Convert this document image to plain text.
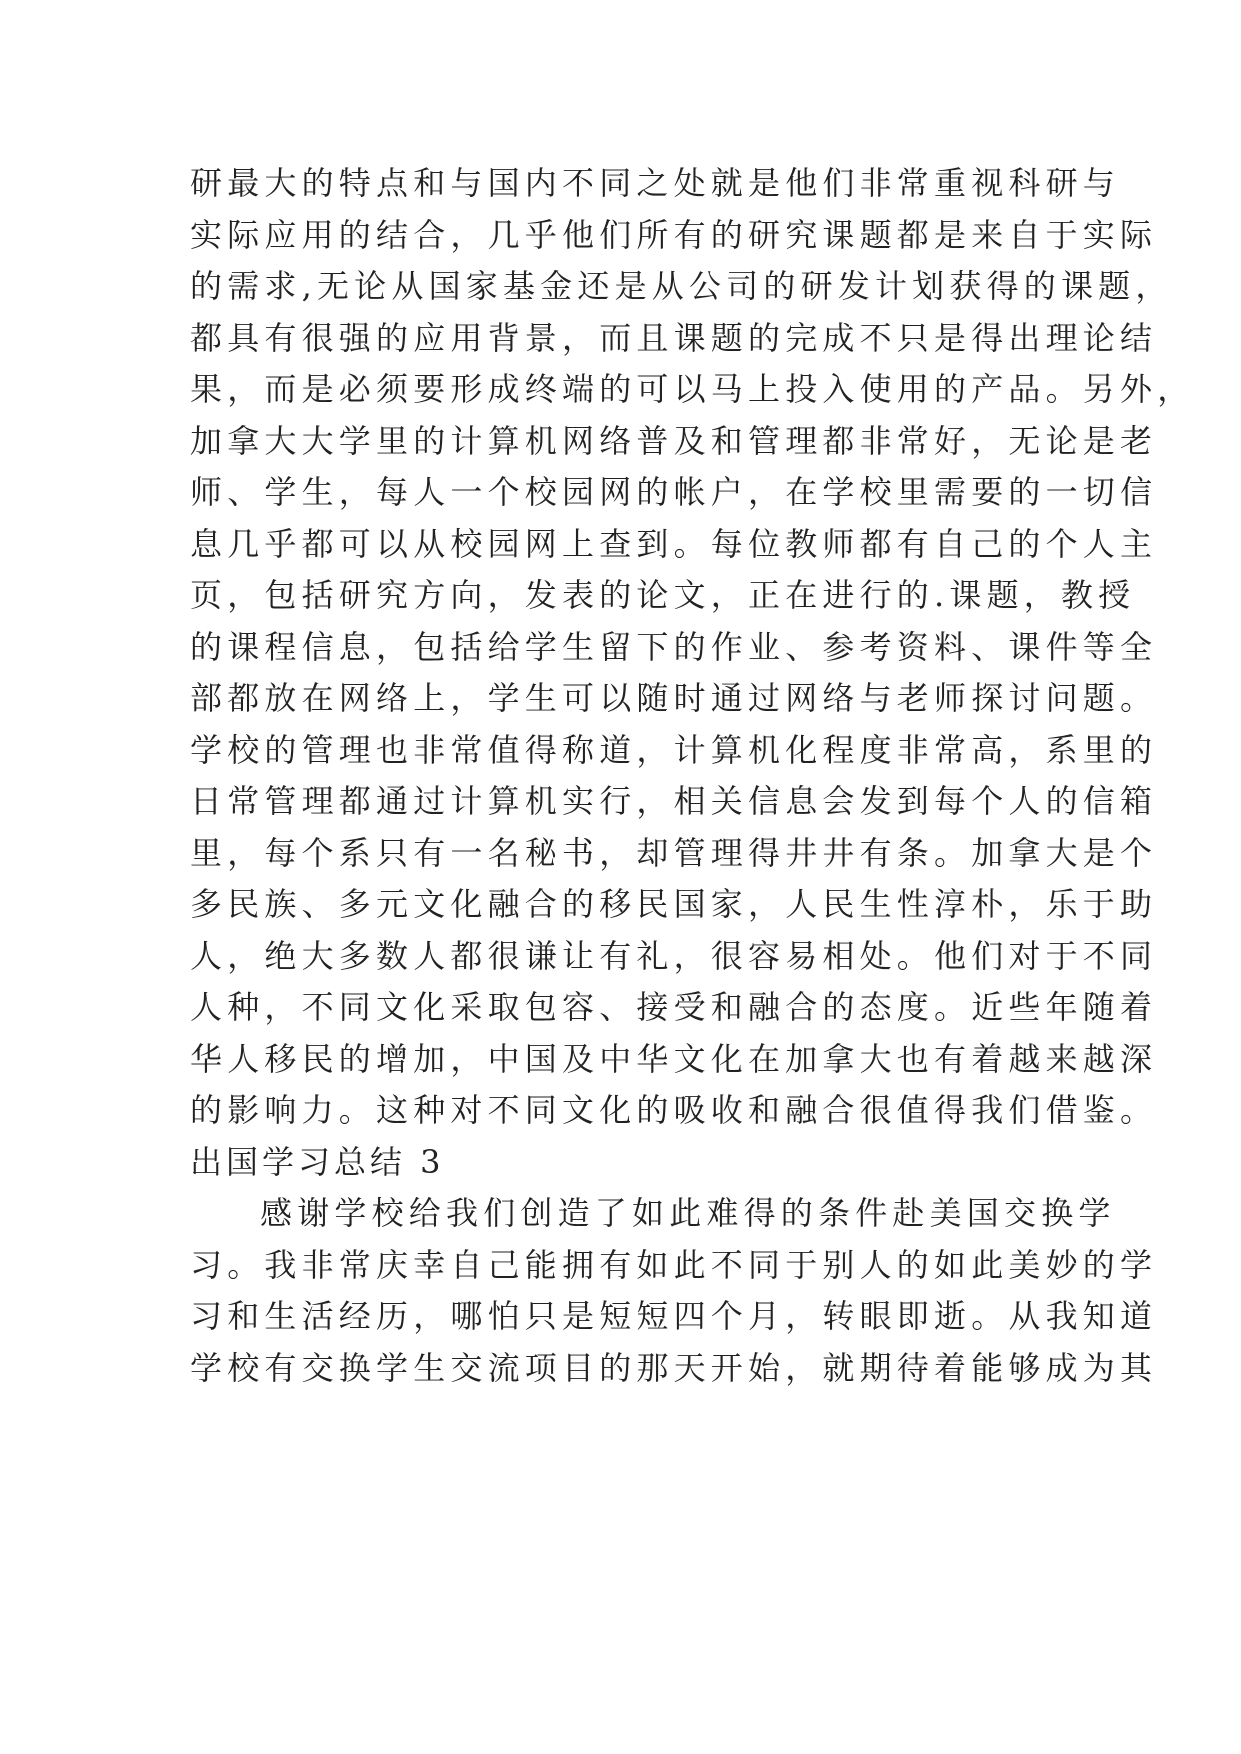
研最大的特点和与国内不同之处就是他们非常重视科研与
实际应用的结合，几乎他们所有的研究课题都是来自于实际
的需求,无论从国家基金还是从公司的研发计划获得的课题，
都具有很强的应用背景，而且课题的完成不只是得出理论结
果，而是必须要形成终端的可以马上投入使用的产品。另外，
加拿大大学里的计算机网络普及和管理都非常好，无论是老
师、学生，每人一个校园网的帐户，在学校里需要的一切信
息几乎都可以从校园网上查到。每位教师都有自己的个人主
页，包括研究方向，发表的论文，正在进行的.课题，教授
的课程信息，包括给学生留下的作业、参考资料、课件等全
部都放在网络上，学生可以随时通过网络与老师探讨问题。
学校的管理也非常值得称道，计算机化程度非常高，系里的
日常管理都通过计算机实行，相关信息会发到每个人的信箱
里，每个系只有一名秘书，却管理得井井有条。加拿大是个
多民族、多元文化融合的移民国家，人民生性淳朴，乐于助
人，绝大多数人都很谦让有礼，很容易相处。他们对于不同
人种，不同文化采取包容、接受和融合的态度。近些年随着
华人移民的增加，中国及中华文化在加拿大也有着越来越深
的影响力。这种对不同文化的吸收和融合很值得我们借鉴。
出国学习总结 3
感谢学校给我们创造了如此难得的条件赴美国交换学
习。我非常庆幸自己能拥有如此不同于别人的如此美妙的学
习和生活经历，哪怕只是短短四个月，转眼即逝。从我知道
学校有交换学生交流项目的那天开始，就期待着能够成为其
